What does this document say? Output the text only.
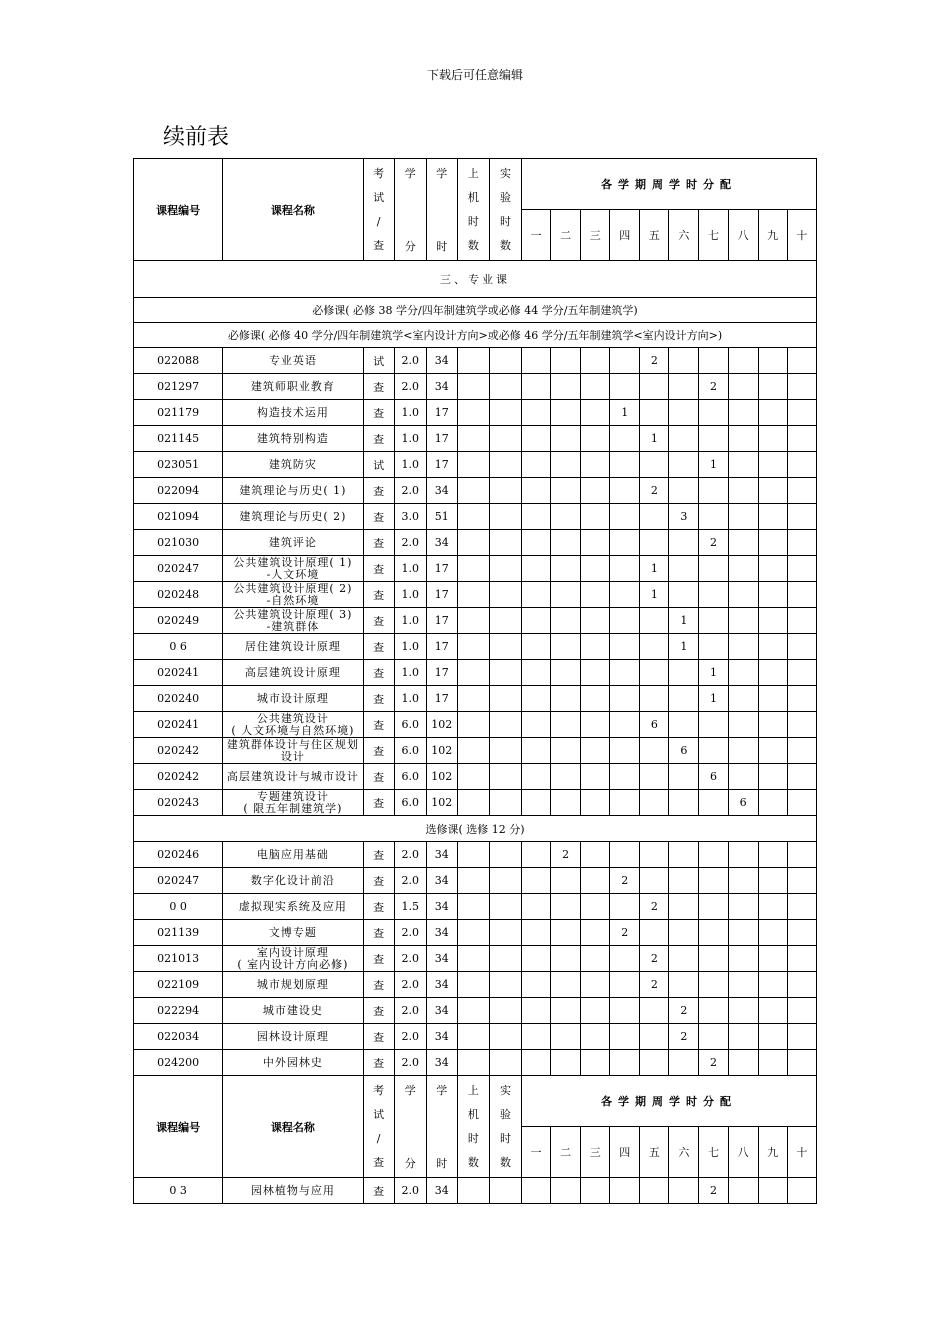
下载后可任意编辑
续前表
课程编号	课程名称	考
试
/
查	学
分	学
时	上
机
时
数	实
验
时
数	各学期周学时分配									
							一	二	三	四	五	六	七	八	九	十
三、专业课																
必修课( 必修 38 学分/四年制建筑学或必修 44 学分/五年制建筑学)																
必修课( 必修 40 学分/四年制建筑学<室内设计方向>或必修 46 学分/五年制建筑学<室内设计方向>)																
022088	专业英语	试	2.0	34							2					
021297	建筑师职业教育	查	2.0	34									2			
021179	构造技术运用	查	1.0	17						1						
021145	建筑特别构造	查	1.0	17							1					
023051	建筑防灾	试	1.0	17									1			
022094	建筑理论与历史( 1)	查	2.0	34							2					
021094	建筑理论与历史( 2)	查	3.0	51								3				
021030	建筑评论	查	2.0	34									2			
020247	公共建筑设计原理( 1)
-人文环境	查	1.0	17							1					
020248	公共建筑设计原理( 2)
-自然环境	查	1.0	17							1					
020249	公共建筑设计原理( 3)
-建筑群体	查	1.0	17								1				
0 6	居住建筑设计原理	查	1.0	17								1				
020241	高层建筑设计原理	查	1.0	17									1			
020240	城市设计原理	查	1.0	17									1			
020241	公共建筑设计
( 人文环境与自然环境)	查	6.0	102							6					
020242	建筑群体设计与住区规划
设计	查	6.0	102								6				
020242	高层建筑设计与城市设计	查	6.0	102									6			
020243	专题建筑设计
( 限五年制建筑学)	查	6.0	102										6		
选修课( 选修 12 分)																
020246	电脑应用基础	查	2.0	34				2								
020247	数字化设计前沿	查	2.0	34						2						
0 0	虚拟现实系统及应用	查	1.5	34							2					
021139	文博专题	查	2.0	34						2						
021013	室内设计原理
( 室内设计方向必修)	查	2.0	34							2					
022109	城市规划原理	查	2.0	34							2					
022294	城市建设史	查	2.0	34								2				
022034	园林设计原理	查	2.0	34								2				
024200	中外园林史	查	2.0	34									2			
课程编号	课程名称	考
试
/
查	学
分	学
时	上
机
时
数	实
验
时
数	各学期周学时分配									
							一	二	三	四	五	六	七	八	九	十
0 3	园林植物与应用	查	2.0	34									2			
